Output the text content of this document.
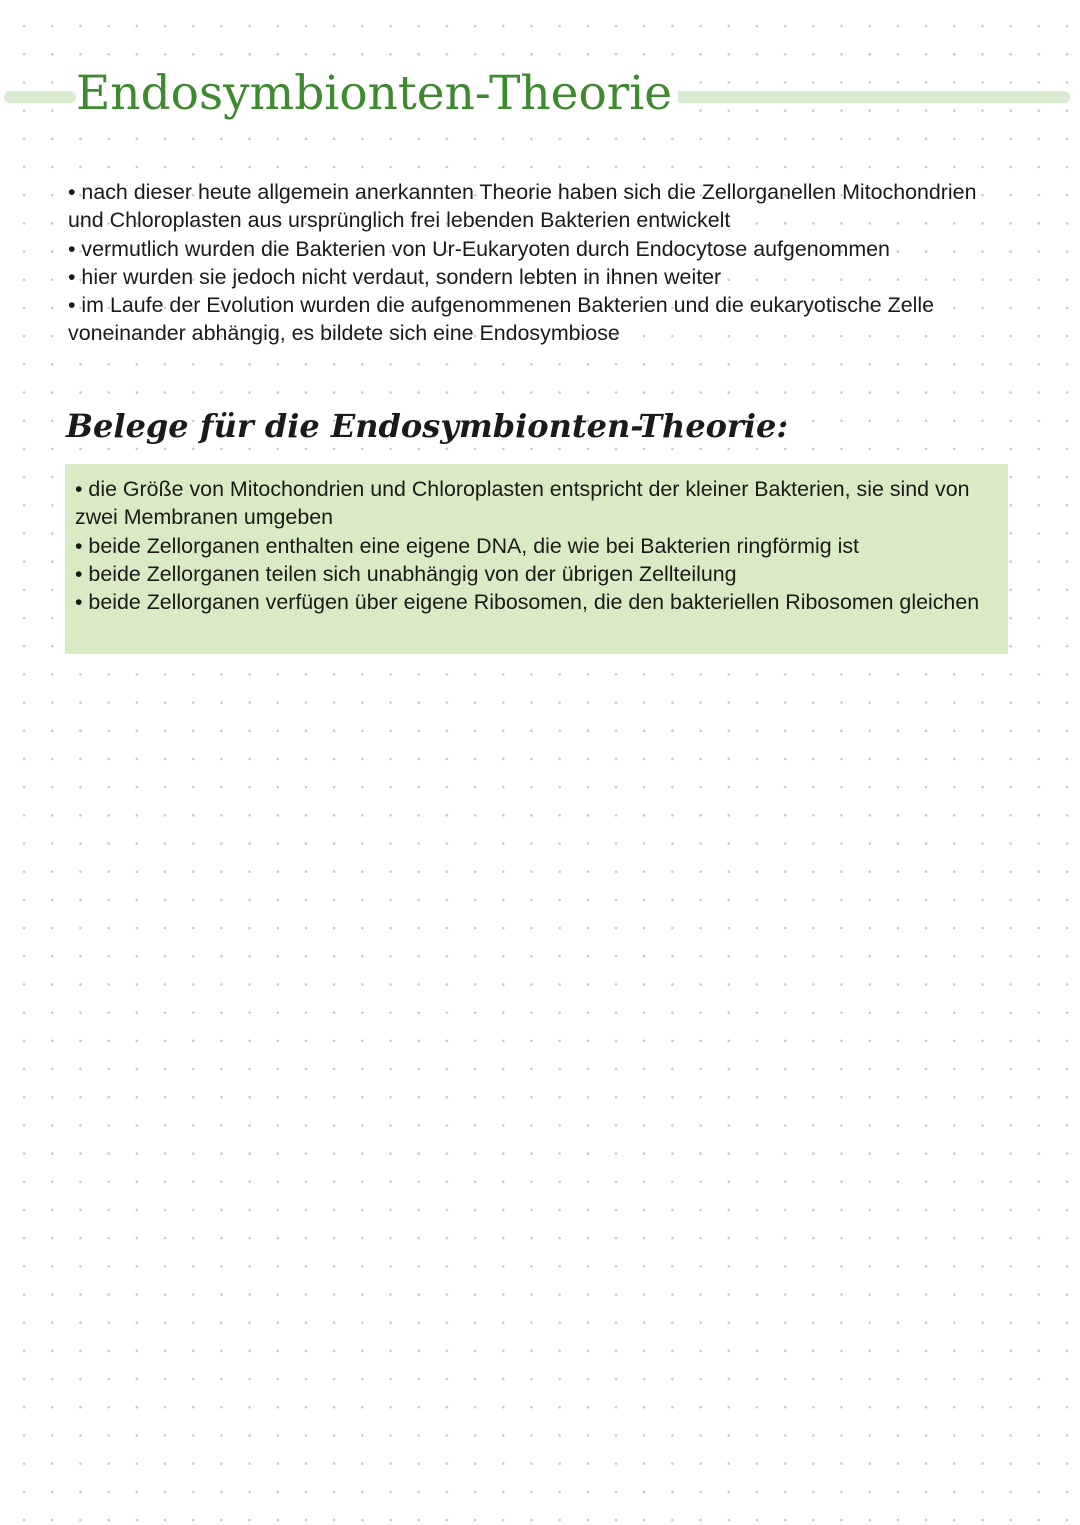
Endosymbionten-Theorie

• nach dieser heute allgemein anerkannten Theorie haben sich die Zellorganellen Mitochondrien und Chloroplasten aus ursprünglich frei lebenden Bakterien entwickelt

• vermutlich wurden die Bakterien von Ur-Eukaryoten durch Endocytose aufgenommen

• hier wurden sie jedoch nicht verdaut, sondern lebten in ihnen weiter

• im Laufe der Evolution wurden die aufgenommenen Bakterien und die eukaryotische Zelle voneinander abhängig, es bildete sich eine Endosymbiose

Belege für die Endosymbionten-Theorie:

• die Größe von Mitochondrien und Chloroplasten entspricht der kleiner Bakterien, sie sind von zwei Membranen umgeben

• beide Zellorganen enthalten eine eigene DNA, die wie bei Bakterien ringförmig ist

• beide Zellorganen teilen sich unabhängig von der übrigen Zellteilung

• beide Zellorganen verfügen über eigene Ribosomen, die den bakteriellen Ribosomen gleichen
